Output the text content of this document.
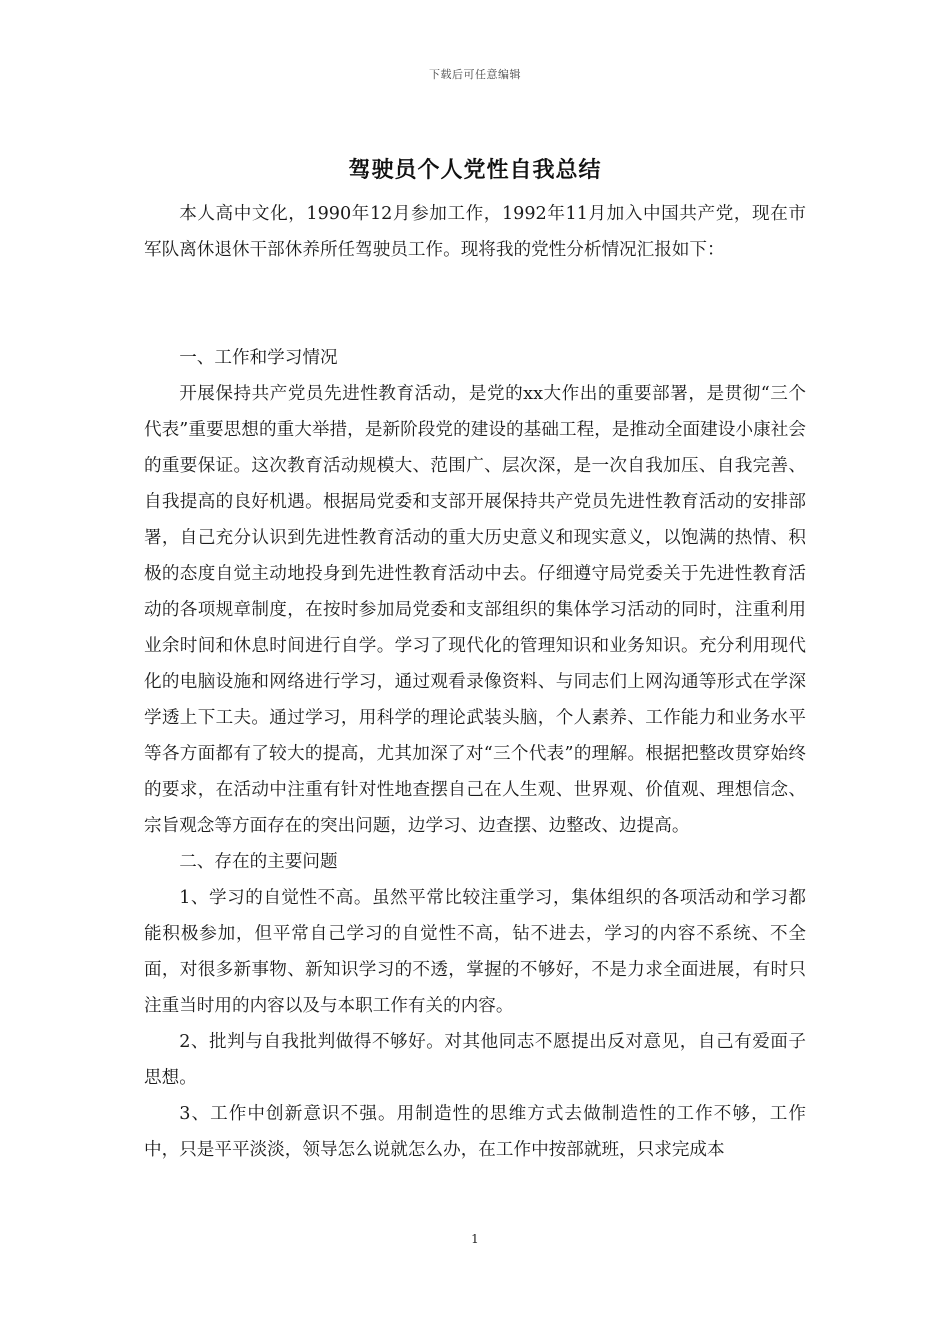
下载后可任意编辑
驾驶员个人党性自我总结

本人高中文化，1990年12月参加工作，1992年11月加入中国共产党，现在市军队离休退休干部休养所任驾驶员工作。现将我的党性分析情况汇报如下：

一、工作和学习情况

开展保持共产党员先进性教育活动，是党的xx大作出的重要部署，是贯彻“三个代表”重要思想的重大举措，是新阶段党的建设的基础工程，是推动全面建设小康社会的重要保证。这次教育活动规模大、范围广、层次深，是一次自我加压、自我完善、自我提高的良好机遇。根据局党委和支部开展保持共产党员先进性教育活动的安排部署，自己充分认识到先进性教育活动的重大历史意义和现实意义，以饱满的热情、积极的态度自觉主动地投身到先进性教育活动中去。仔细遵守局党委关于先进性教育活动的各项规章制度，在按时参加局党委和支部组织的集体学习活动的同时，注重利用业余时间和休息时间进行自学。学习了现代化的管理知识和业务知识。充分利用现代化的电脑设施和网络进行学习，通过观看录像资料、与同志们上网沟通等形式在学深学透上下工夫。通过学习，用科学的理论武装头脑，个人素养、工作能力和业务水平等各方面都有了较大的提高，尤其加深了对“三个代表”的理解。根据把整改贯穿始终的要求，在活动中注重有针对性地查摆自己在人生观、世界观、价值观、理想信念、宗旨观念等方面存在的突出问题，边学习、边查摆、边整改、边提高。

二、存在的主要问题

1、学习的自觉性不高。虽然平常比较注重学习，集体组织的各项活动和学习都能积极参加，但平常自己学习的自觉性不高，钻不进去，学习的内容不系统、不全面，对很多新事物、新知识学习的不透，掌握的不够好，不是力求全面进展，有时只注重当时用的内容以及与本职工作有关的内容。

2、批判与自我批判做得不够好。对其他同志不愿提出反对意见，自己有爱面子思想。

3、工作中创新意识不强。用制造性的思维方式去做制造性的工作不够，工作中，只是平平淡淡，领导怎么说就怎么办，在工作中按部就班，只求完成本

1
